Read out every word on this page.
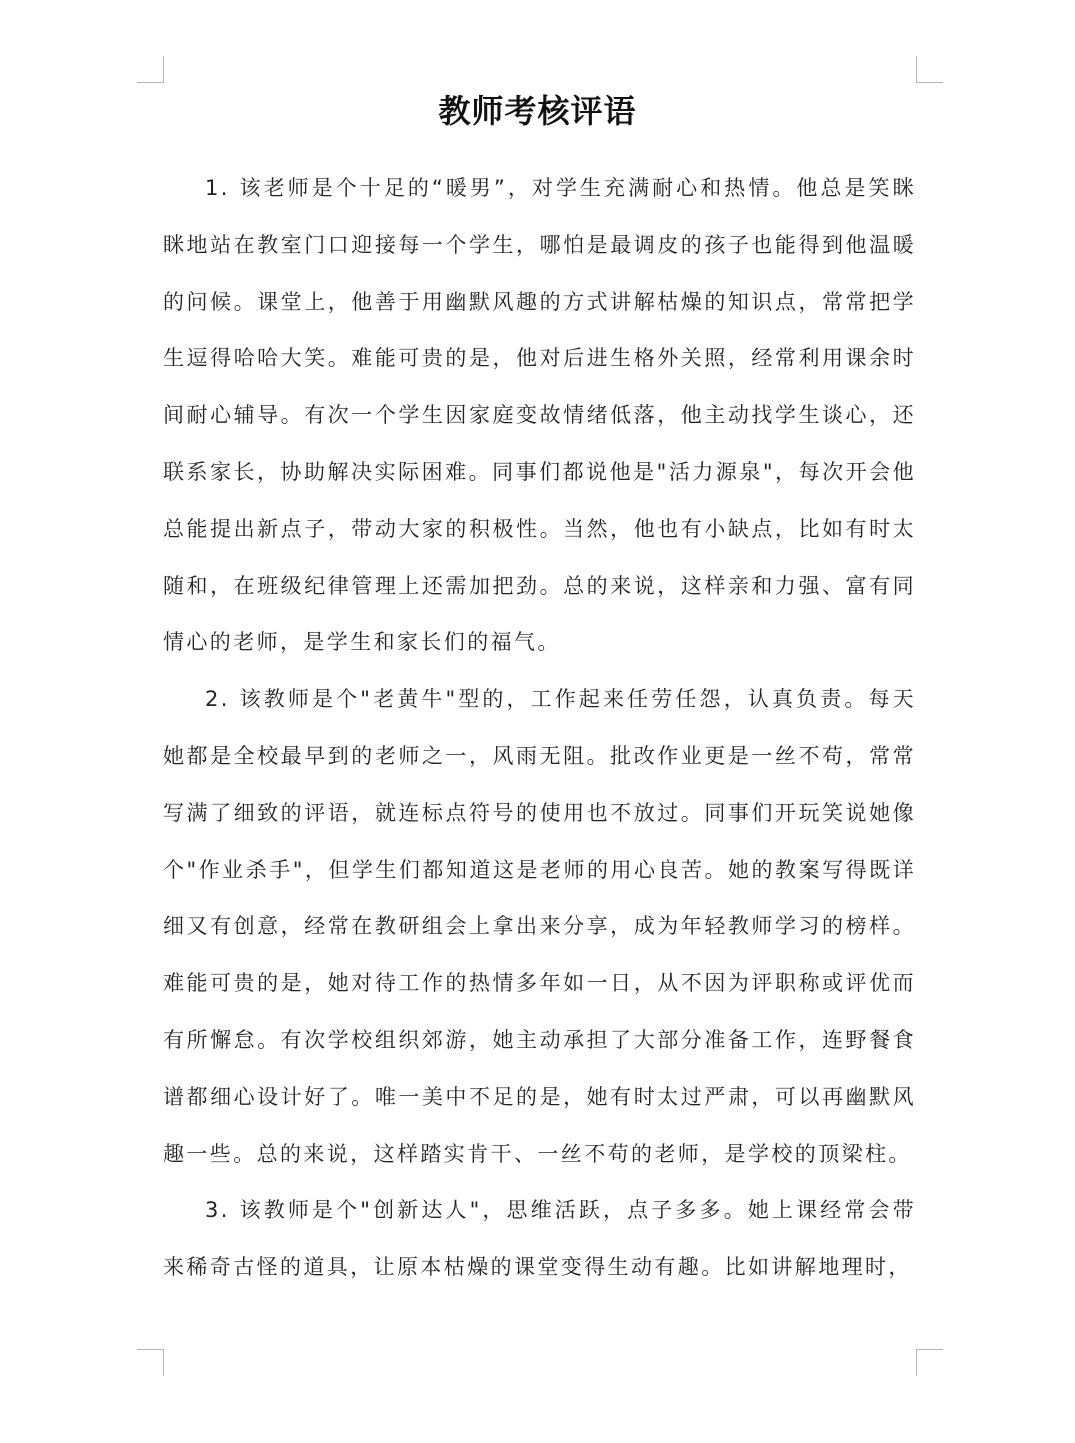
教师考核评语

1. 该老师是个十足的“暖男”，对学生充满耐心和热情。他总是笑眯眯地站在教室门口迎接每一个学生，哪怕是最调皮的孩子也能得到他温暖的问候。课堂上，他善于用幽默风趣的方式讲解枯燥的知识点，常常把学生逗得哈哈大笑。难能可贵的是，他对后进生格外关照，经常利用课余时间耐心辅导。有次一个学生因家庭变故情绪低落，他主动找学生谈心，还联系家长，协助解决实际困难。同事们都说他是"活力源泉"，每次开会他总能提出新点子，带动大家的积极性。当然，他也有小缺点，比如有时太随和，在班级纪律管理上还需加把劲。总的来说，这样亲和力强、富有同情心的老师，是学生和家长们的福气。

2. 该教师是个"老黄牛"型的，工作起来任劳任怨，认真负责。每天她都是全校最早到的老师之一，风雨无阻。批改作业更是一丝不苟，常常写满了细致的评语，就连标点符号的使用也不放过。同事们开玩笑说她像个"作业杀手"，但学生们都知道这是老师的用心良苦。她的教案写得既详细又有创意，经常在教研组会上拿出来分享，成为年轻教师学习的榜样。难能可贵的是，她对待工作的热情多年如一日，从不因为评职称或评优而有所懈怠。有次学校组织郊游，她主动承担了大部分准备工作，连野餐食谱都细心设计好了。唯一美中不足的是，她有时太过严肃，可以再幽默风趣一些。总的来说，这样踏实肯干、一丝不苟的老师，是学校的顶梁柱。

3. 该教师是个"创新达人"，思维活跃，点子多多。她上课经常会带来稀奇古怪的道具，让原本枯燥的课堂变得生动有趣。比如讲解地理时，
